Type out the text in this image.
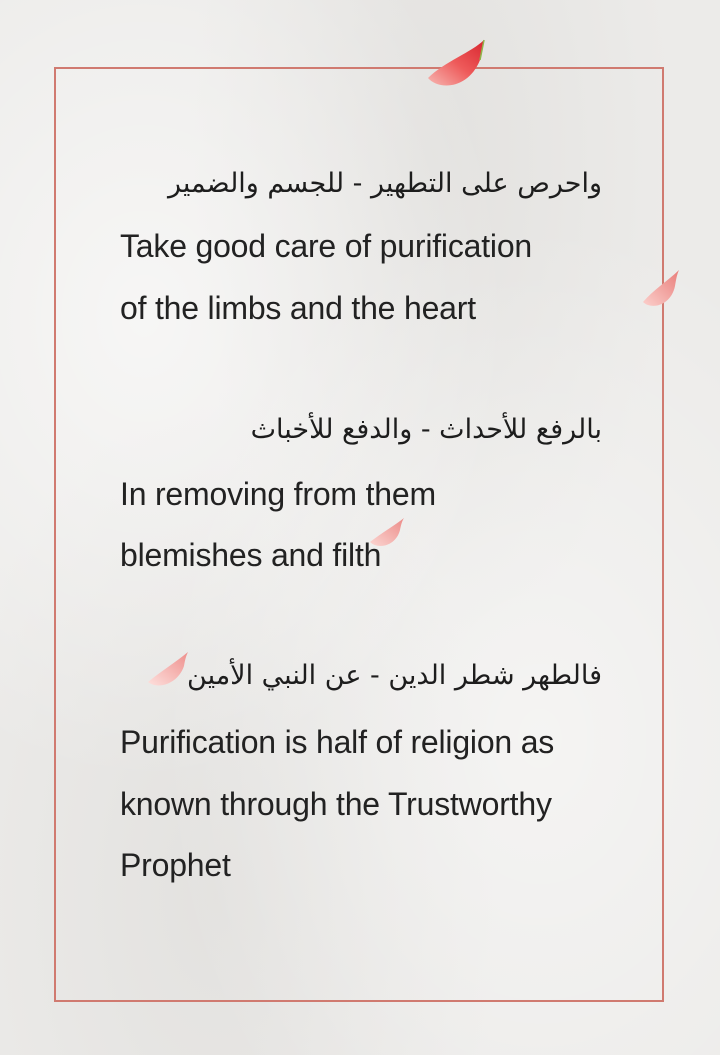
واحرص على التطهير - للجسم والضمير
Take good care of purification
of the limbs and the heart
بالرفع للأحداث - والدفع للأخباث
In removing from them
blemishes and filth
فالطهر شطر الدين - عن النبي الأمين
Purification is half of religion as
known through the Trustworthy
Prophet
